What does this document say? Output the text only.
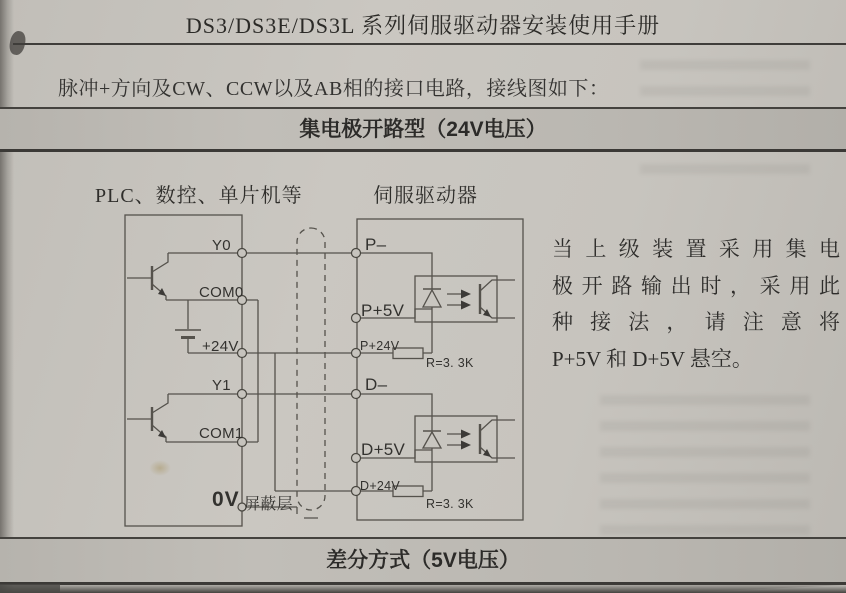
DS3/DS3E/DS3L 系列伺服驱动器安装使用手册
脉冲+方向及CW、CCW以及AB相的接口电路，接线图如下：
集电极开路型（24V电压）
差分方式（5V电压）
PLC、数控、单片机等	伺服驱动器
Y0
COM0
+24V
Y1
COM1
0V 屏蔽层
P–
P+5V
P+24V
R=3. 3K
D–
D+5V
D+24V
R=3. 3K
当上级装置采用集电
极开路输出时，采用此
种接法，请注意将
P+5V 和 D+5V 悬空。
